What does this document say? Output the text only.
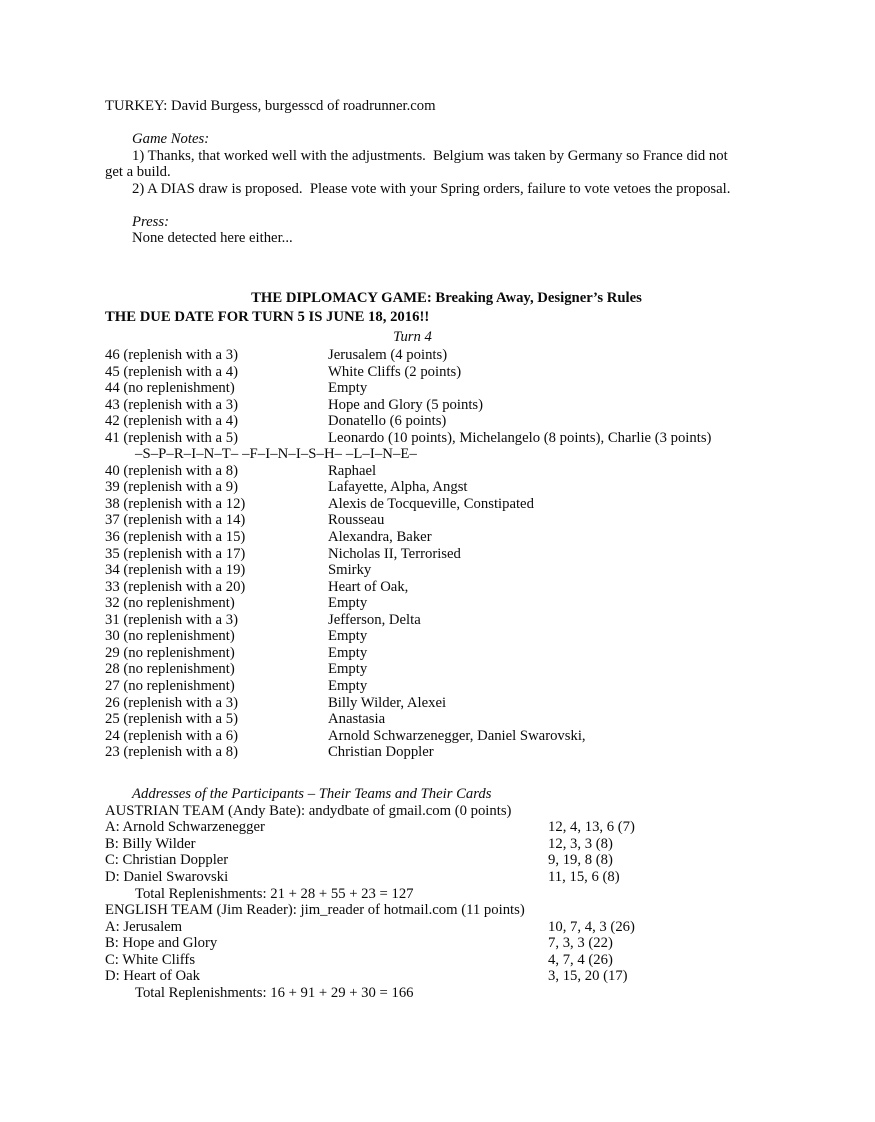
TURKEY: David Burgess, burgesscd of roadrunner.com
Game Notes:
1) Thanks, that worked well with the adjustments.  Belgium was taken by Germany so France did not
get a build.
2) A DIAS draw is proposed.  Please vote with your Spring orders, failure to vote vetoes the proposal.
Press:
None detected here either...
THE DIPLOMACY GAME: Breaking Away, Designer’s Rules
THE DUE DATE FOR TURN 5 IS JUNE 18, 2016!!
Turn 4
46 (replenish with a 3)	Jerusalem (4 points)
45 (replenish with a 4)	White Cliffs (2 points)
44 (no replenishment)	Empty
43 (replenish with a 3)	Hope and Glory (5 points)
42 (replenish with a 4)	Donatello (6 points)
41 (replenish with a 5)	Leonardo (10 points), Michelangelo (8 points), Charlie (3 points)
–S–P–R–I–N–T– –F–I–N–I–S–H– –L–I–N–E–
40 (replenish with a 8)	Raphael
39 (replenish with a 9)	Lafayette, Alpha, Angst
38 (replenish with a 12)	Alexis de Tocqueville, Constipated
37 (replenish with a 14)	Rousseau
36 (replenish with a 15)	Alexandra, Baker
35 (replenish with a 17)	Nicholas II, Terrorised
34 (replenish with a 19)	Smirky
33 (replenish with a 20)	Heart of Oak,
32 (no replenishment)	Empty
31 (replenish with a 3)	Jefferson, Delta
30 (no replenishment)	Empty
29 (no replenishment)	Empty
28 (no replenishment)	Empty
27 (no replenishment)	Empty
26 (replenish with a 3)	Billy Wilder, Alexei
25 (replenish with a 5)	Anastasia
24 (replenish with a 6)	Arnold Schwarzenegger, Daniel Swarovski,
23 (replenish with a 8)	Christian Doppler
Addresses of the Participants – Their Teams and Their Cards
AUSTRIAN TEAM (Andy Bate): andydbate of gmail.com (0 points)
A: Arnold Schwarzenegger	12, 4, 13, 6 (7)
B: Billy Wilder	12, 3, 3 (8)
C: Christian Doppler	9, 19, 8 (8)
D: Daniel Swarovski	11, 15, 6 (8)
Total Replenishments: 21 + 28 + 55 + 23 = 127
ENGLISH TEAM (Jim Reader): jim_reader of hotmail.com (11 points)
A: Jerusalem	10, 7, 4, 3 (26)
B: Hope and Glory	7, 3, 3 (22)
C: White Cliffs	4, 7, 4 (26)
D: Heart of Oak	3, 15, 20 (17)
Total Replenishments: 16 + 91 + 29 + 30 = 166
